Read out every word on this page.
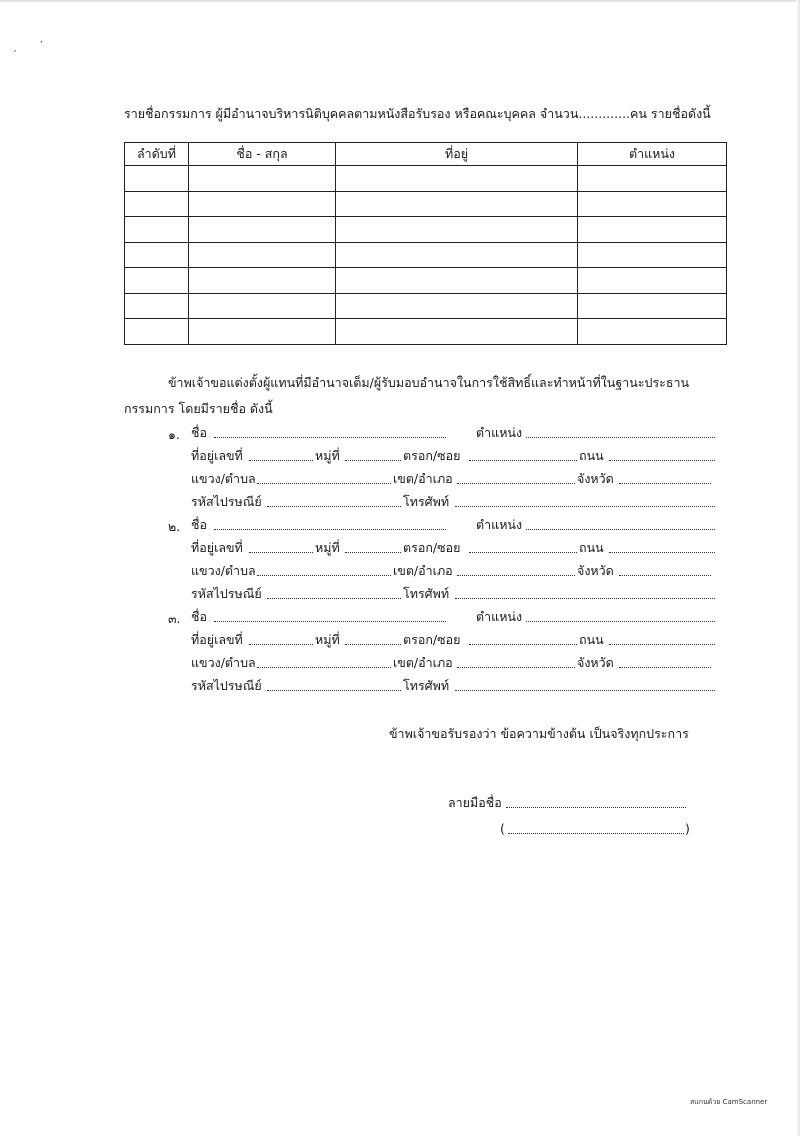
ˊ
ˑ
รายชื่อกรรมการ ผู้มีอำนาจบริหารนิติบุคคลตามหนังสือรับรอง หรือคณะบุคคล จำนวน.............คน รายชื่อดังนี้
ลำดับที่	ชื่อ - สกุล	ที่อยู่	ตำแหน่ง

ข้าพเจ้าขอแต่งตั้งผู้แทนที่มีอำนาจเต็ม/ผู้รับมอบอำนาจในการใช้สิทธิ์และทำหน้าที่ในฐานะประธานกรรมการ โดยมีรายชื่อ ดังนี้
๑. ชื่อ	ตำแหน่ง
ที่อยู่เลขที่	หมู่ที่	ตรอก/ซอย	ถนน
แขวง/ตำบล	เขต/อำเภอ	จังหวัด
รหัสไปรษณีย์	โทรศัพท์
๒. ชื่อ	ตำแหน่ง
ที่อยู่เลขที่	หมู่ที่	ตรอก/ซอย	ถนน
แขวง/ตำบล	เขต/อำเภอ	จังหวัด
รหัสไปรษณีย์	โทรศัพท์
๓. ชื่อ	ตำแหน่ง
ที่อยู่เลขที่	หมู่ที่	ตรอก/ซอย	ถนน
แขวง/ตำบล	เขต/อำเภอ	จังหวัด
รหัสไปรษณีย์	โทรศัพท์
ข้าพเจ้าขอรับรองว่า ข้อความข้างต้น เป็นจริงทุกประการ
ลายมือชื่อ
(	)
สแกนด้วย CamScanner
